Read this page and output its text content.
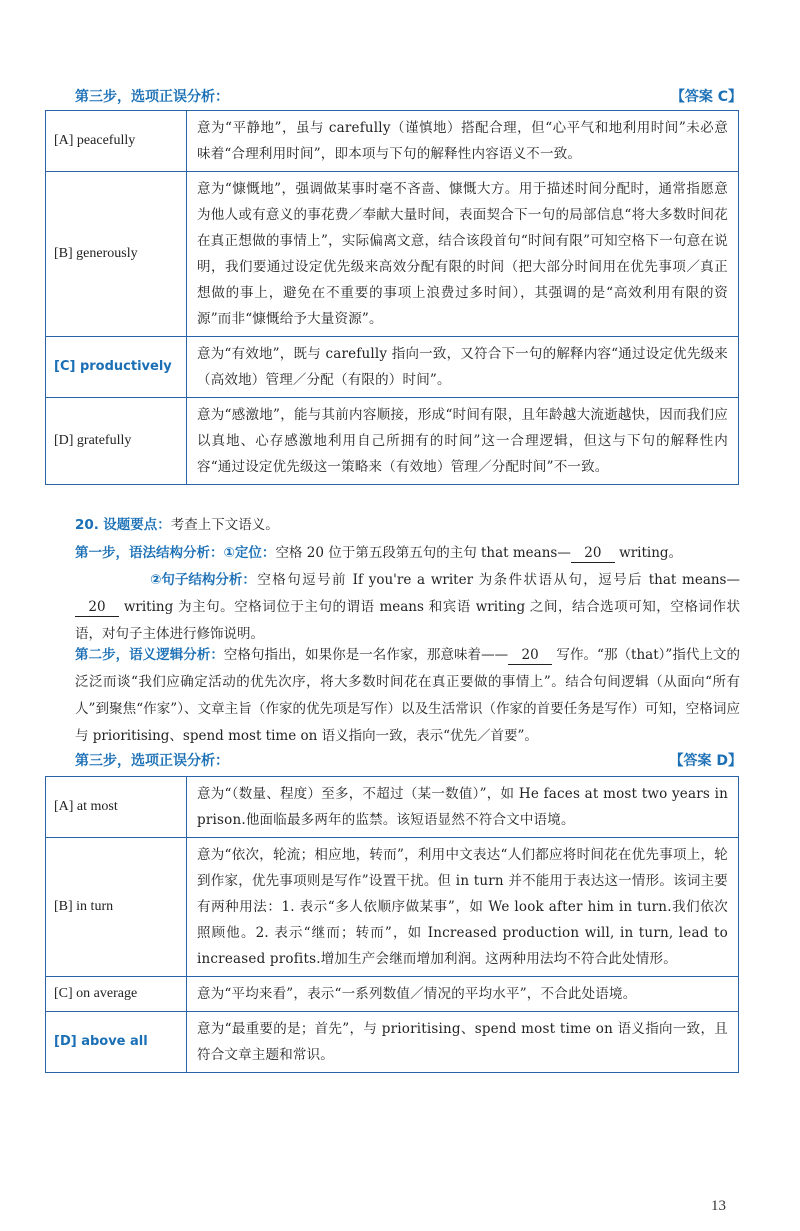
第三步，选项正误分析：	【答案 C】
[A] peacefully	意为“平静地”，虽与 carefully（谨慎地）搭配合理，但“心平气和地利用时间”未必意味着“合理利用时间”，即本项与下句的解释性内容语义不一致。
[B] generously	意为“慷慨地”，强调做某事时毫不吝啬、慷慨大方。用于描述时间分配时，通常指愿意为他人或有意义的事花费／奉献大量时间，表面契合下一句的局部信息“将大多数时间花在真正想做的事情上”，实际偏离文意，结合该段首句“时间有限”可知空格下一句意在说明，我们要通过设定优先级来高效分配有限的时间（把大部分时间用在优先事项／真正想做的事上，避免在不重要的事项上浪费过多时间），其强调的是“高效利用有限的资源”而非“慷慨给予大量资源”。
[C] productively	意为“有效地”，既与 carefully 指向一致，又符合下一句的解释内容“通过设定优先级来（高效地）管理／分配（有限的）时间”。
[D] gratefully	意为“感激地”，能与其前内容顺接，形成“时间有限，且年龄越大流逝越快，因而我们应以真地、心存感激地利用自己所拥有的时间”这一合理逻辑，但这与下句的解释性内容“通过设定优先级这一策略来（有效地）管理／分配时间”不一致。
20. 设题要点：考查上下文语义。
第一步，语法结构分析：①定位：空格 20 位于第五段第五句的主句 that means— 20 writing。
②句子结构分析：空格句逗号前 If you're a writer 为条件状语从句，逗号后 that means—20 writing 为主句。空格词位于主句的谓语 means 和宾语 writing 之间，结合选项可知，空格词作状语，对句子主体进行修饰说明。
第二步，语义逻辑分析：空格句指出，如果你是一名作家，那意味着—— 20 写作。“那（that）”指代上文的泛泛而谈“我们应确定活动的优先次序，将大多数时间花在真正要做的事情上”。结合句间逻辑（从面向“所有人”到聚焦“作家”）、文章主旨（作家的优先项是写作）以及生活常识（作家的首要任务是写作）可知，空格词应与 prioritising、spend most time on 语义指向一致，表示“优先／首要”。
第三步，选项正误分析：	【答案 D】
[A] at most	意为“（数量、程度）至多，不超过（某一数值）”，如 He faces at most two years in prison.他面临最多两年的监禁。该短语显然不符合文中语境。
[B] in turn	意为“依次，轮流；相应地，转而”，利用中文表达“人们都应将时间花在优先事项上，轮到作家，优先事项则是写作”设置干扰。但 in turn 并不能用于表达这一情形。该词主要有两种用法：1. 表示“多人依顺序做某事”，如 We look after him in turn.我们依次照顾他。2. 表示“继而；转而”，如 Increased production will, in turn, lead to increased profits.增加生产会继而增加利润。这两种用法均不符合此处情形。
[C] on average	意为“平均来看”，表示“一系列数值／情况的平均水平”，不合此处语境。
[D] above all	意为“最重要的是；首先”，与 prioritising、spend most time on 语义指向一致，且符合文章主题和常识。
13
